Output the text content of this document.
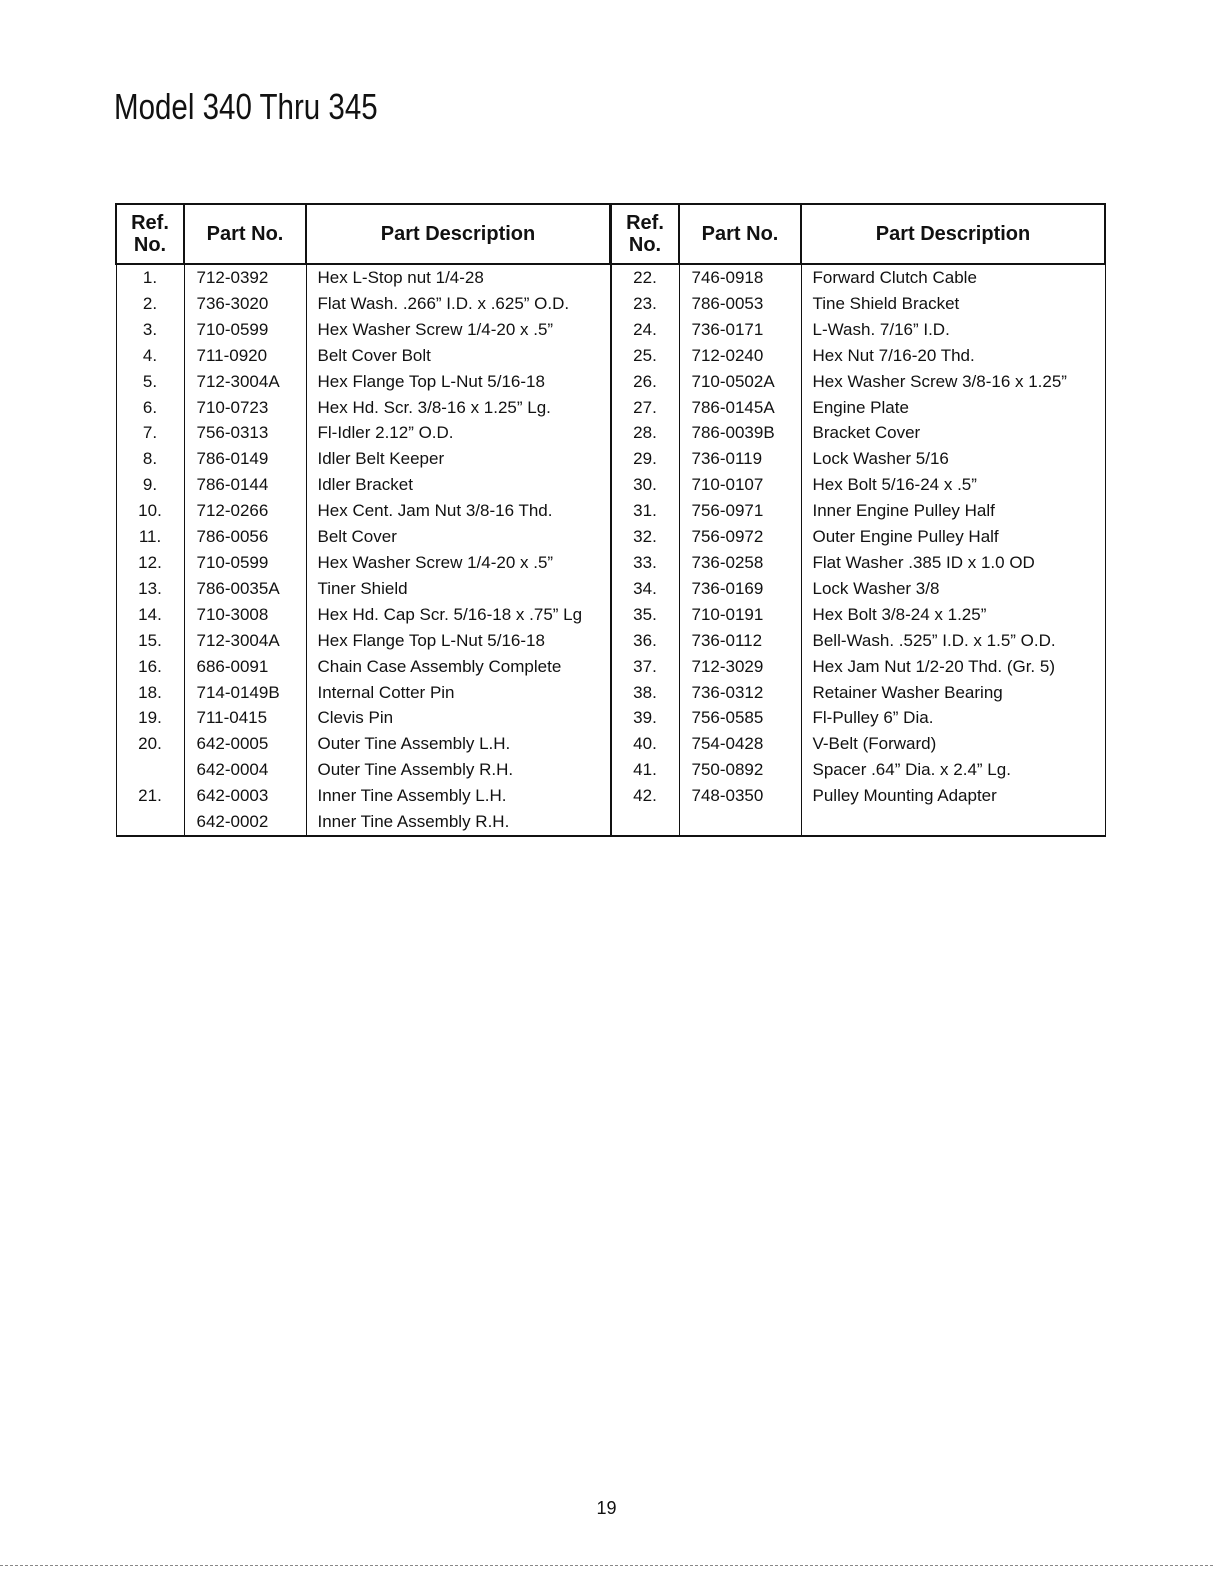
Model 340 Thru 345
Ref.
No.	Part No.	Part Description
1.	712-0392	Hex L-Stop nut 1/4-28
2.	736-3020	Flat Wash. .266” I.D. x .625” O.D.
3.	710-0599	Hex Washer Screw 1/4-20 x .5”
4.	711-0920	Belt Cover Bolt
5.	712-3004A	Hex Flange Top L-Nut 5/16-18
6.	710-0723	Hex Hd. Scr. 3/8-16 x 1.25” Lg.
7.	756-0313	Fl-Idler 2.12” O.D.
8.	786-0149	Idler Belt Keeper
9.	786-0144	Idler Bracket
10.	712-0266	Hex Cent. Jam Nut 3/8-16 Thd.
11.	786-0056	Belt Cover
12.	710-0599	Hex Washer Screw 1/4-20 x .5”
13.	786-0035A	Tiner Shield
14.	710-3008	Hex Hd. Cap Scr. 5/16-18 x .75” Lg
15.	712-3004A	Hex Flange Top L-Nut 5/16-18
16.	686-0091	Chain Case Assembly Complete
18.	714-0149B	Internal Cotter Pin
19.	711-0415	Clevis Pin
20.	642-0005	Outer Tine Assembly L.H.
	642-0004	Outer Tine Assembly R.H.
21.	642-0003	Inner Tine Assembly L.H.
	642-0002	Inner Tine Assembly R.H.
Ref.
No.	Part No.	Part Description
22.	746-0918	Forward Clutch Cable
23.	786-0053	Tine Shield Bracket
24.	736-0171	L-Wash. 7/16” I.D.
25.	712-0240	Hex Nut 7/16-20 Thd.
26.	710-0502A	Hex Washer Screw 3/8-16 x 1.25”
27.	786-0145A	Engine Plate
28.	786-0039B	Bracket Cover
29.	736-0119	Lock Washer 5/16
30.	710-0107	Hex Bolt 5/16-24 x .5”
31.	756-0971	Inner Engine Pulley Half
32.	756-0972	Outer Engine Pulley Half
33.	736-0258	Flat Washer .385 ID x 1.0 OD
34.	736-0169	Lock Washer 3/8
35.	710-0191	Hex Bolt 3/8-24 x 1.25”
36.	736-0112	Bell-Wash. .525” I.D. x 1.5” O.D.
37.	712-3029	Hex Jam Nut 1/2-20 Thd. (Gr. 5)
38.	736-0312	Retainer Washer Bearing
39.	756-0585	Fl-Pulley 6” Dia.
40.	754-0428	V-Belt (Forward)
41.	750-0892	Spacer .64” Dia. x 2.4” Lg.
42.	748-0350	Pulley Mounting Adapter

19
